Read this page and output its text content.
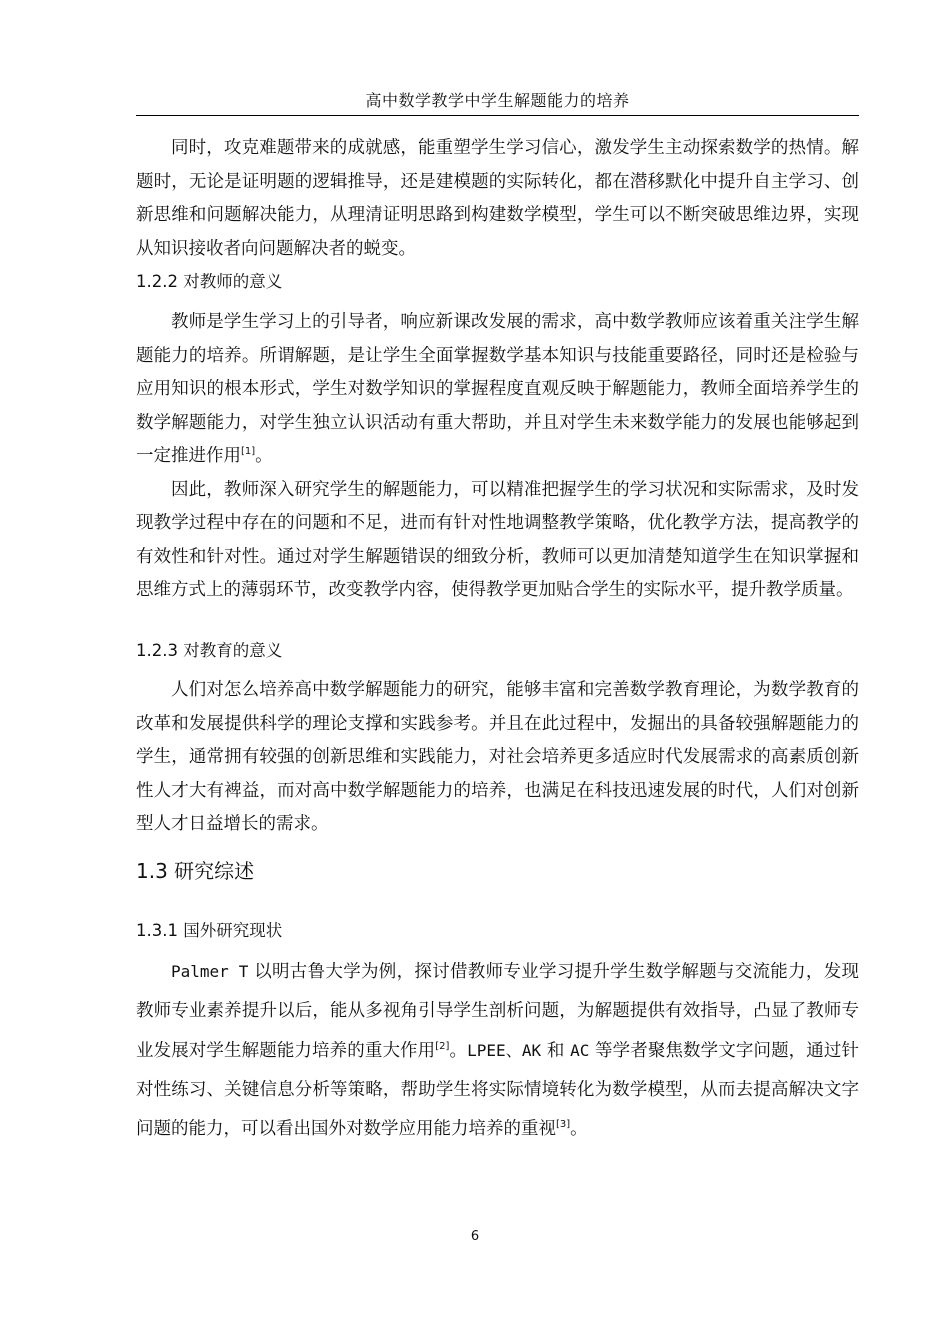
高中数学教学中学生解题能力的培养

同时，攻克难题带来的成就感，能重塑学生学习信心，激发学生主动探索数学的热情。解题时，无论是证明题的逻辑推导，还是建模题的实际转化，都在潜移默化中提升自主学习、创新思维和问题解决能力，从理清证明思路到构建数学模型，学生可以不断突破思维边界，实现从知识接收者向问题解决者的蜕变。

1.2.2 对教师的意义

教师是学生学习上的引导者，响应新课改发展的需求，高中数学教师应该着重关注学生解题能力的培养。所谓解题，是让学生全面掌握数学基本知识与技能重要路径，同时还是检验与应用知识的根本形式，学生对数学知识的掌握程度直观反映于解题能力，教师全面培养学生的数学解题能力，对学生独立认识活动有重大帮助，并且对学生未来数学能力的发展也能够起到一定推进作用[1]。

因此，教师深入研究学生的解题能力，可以精准把握学生的学习状况和实际需求，及时发现教学过程中存在的问题和不足，进而有针对性地调整教学策略，优化教学方法，提高教学的有效性和针对性。通过对学生解题错误的细致分析，教师可以更加清楚知道学生在知识掌握和思维方式上的薄弱环节，改变教学内容，使得教学更加贴合学生的实际水平，提升教学质量。

1.2.3 对教育的意义

人们对怎么培养高中数学解题能力的研究，能够丰富和完善数学教育理论，为数学教育的改革和发展提供科学的理论支撑和实践参考。并且在此过程中，发掘出的具备较强解题能力的学生，通常拥有较强的创新思维和实践能力，对社会培养更多适应时代发展需求的高素质创新性人才大有裨益，而对高中数学解题能力的培养，也满足在科技迅速发展的时代，人们对创新型人才日益增长的需求。

1.3 研究综述
1.3.1 国外研究现状

Palmer T 以明古鲁大学为例，探讨借教师专业学习提升学生数学解题与交流能力，发现教师专业素养提升以后，能从多视角引导学生剖析问题，为解题提供有效指导，凸显了教师专业发展对学生解题能力培养的重大作用[2]。LPEE、AK 和 AC 等学者聚焦数学文字问题，通过针对性练习、关键信息分析等策略，帮助学生将实际情境转化为数学模型，从而去提高解决文字问题的能力，可以看出国外对数学应用能力培养的重视[3]。

6
